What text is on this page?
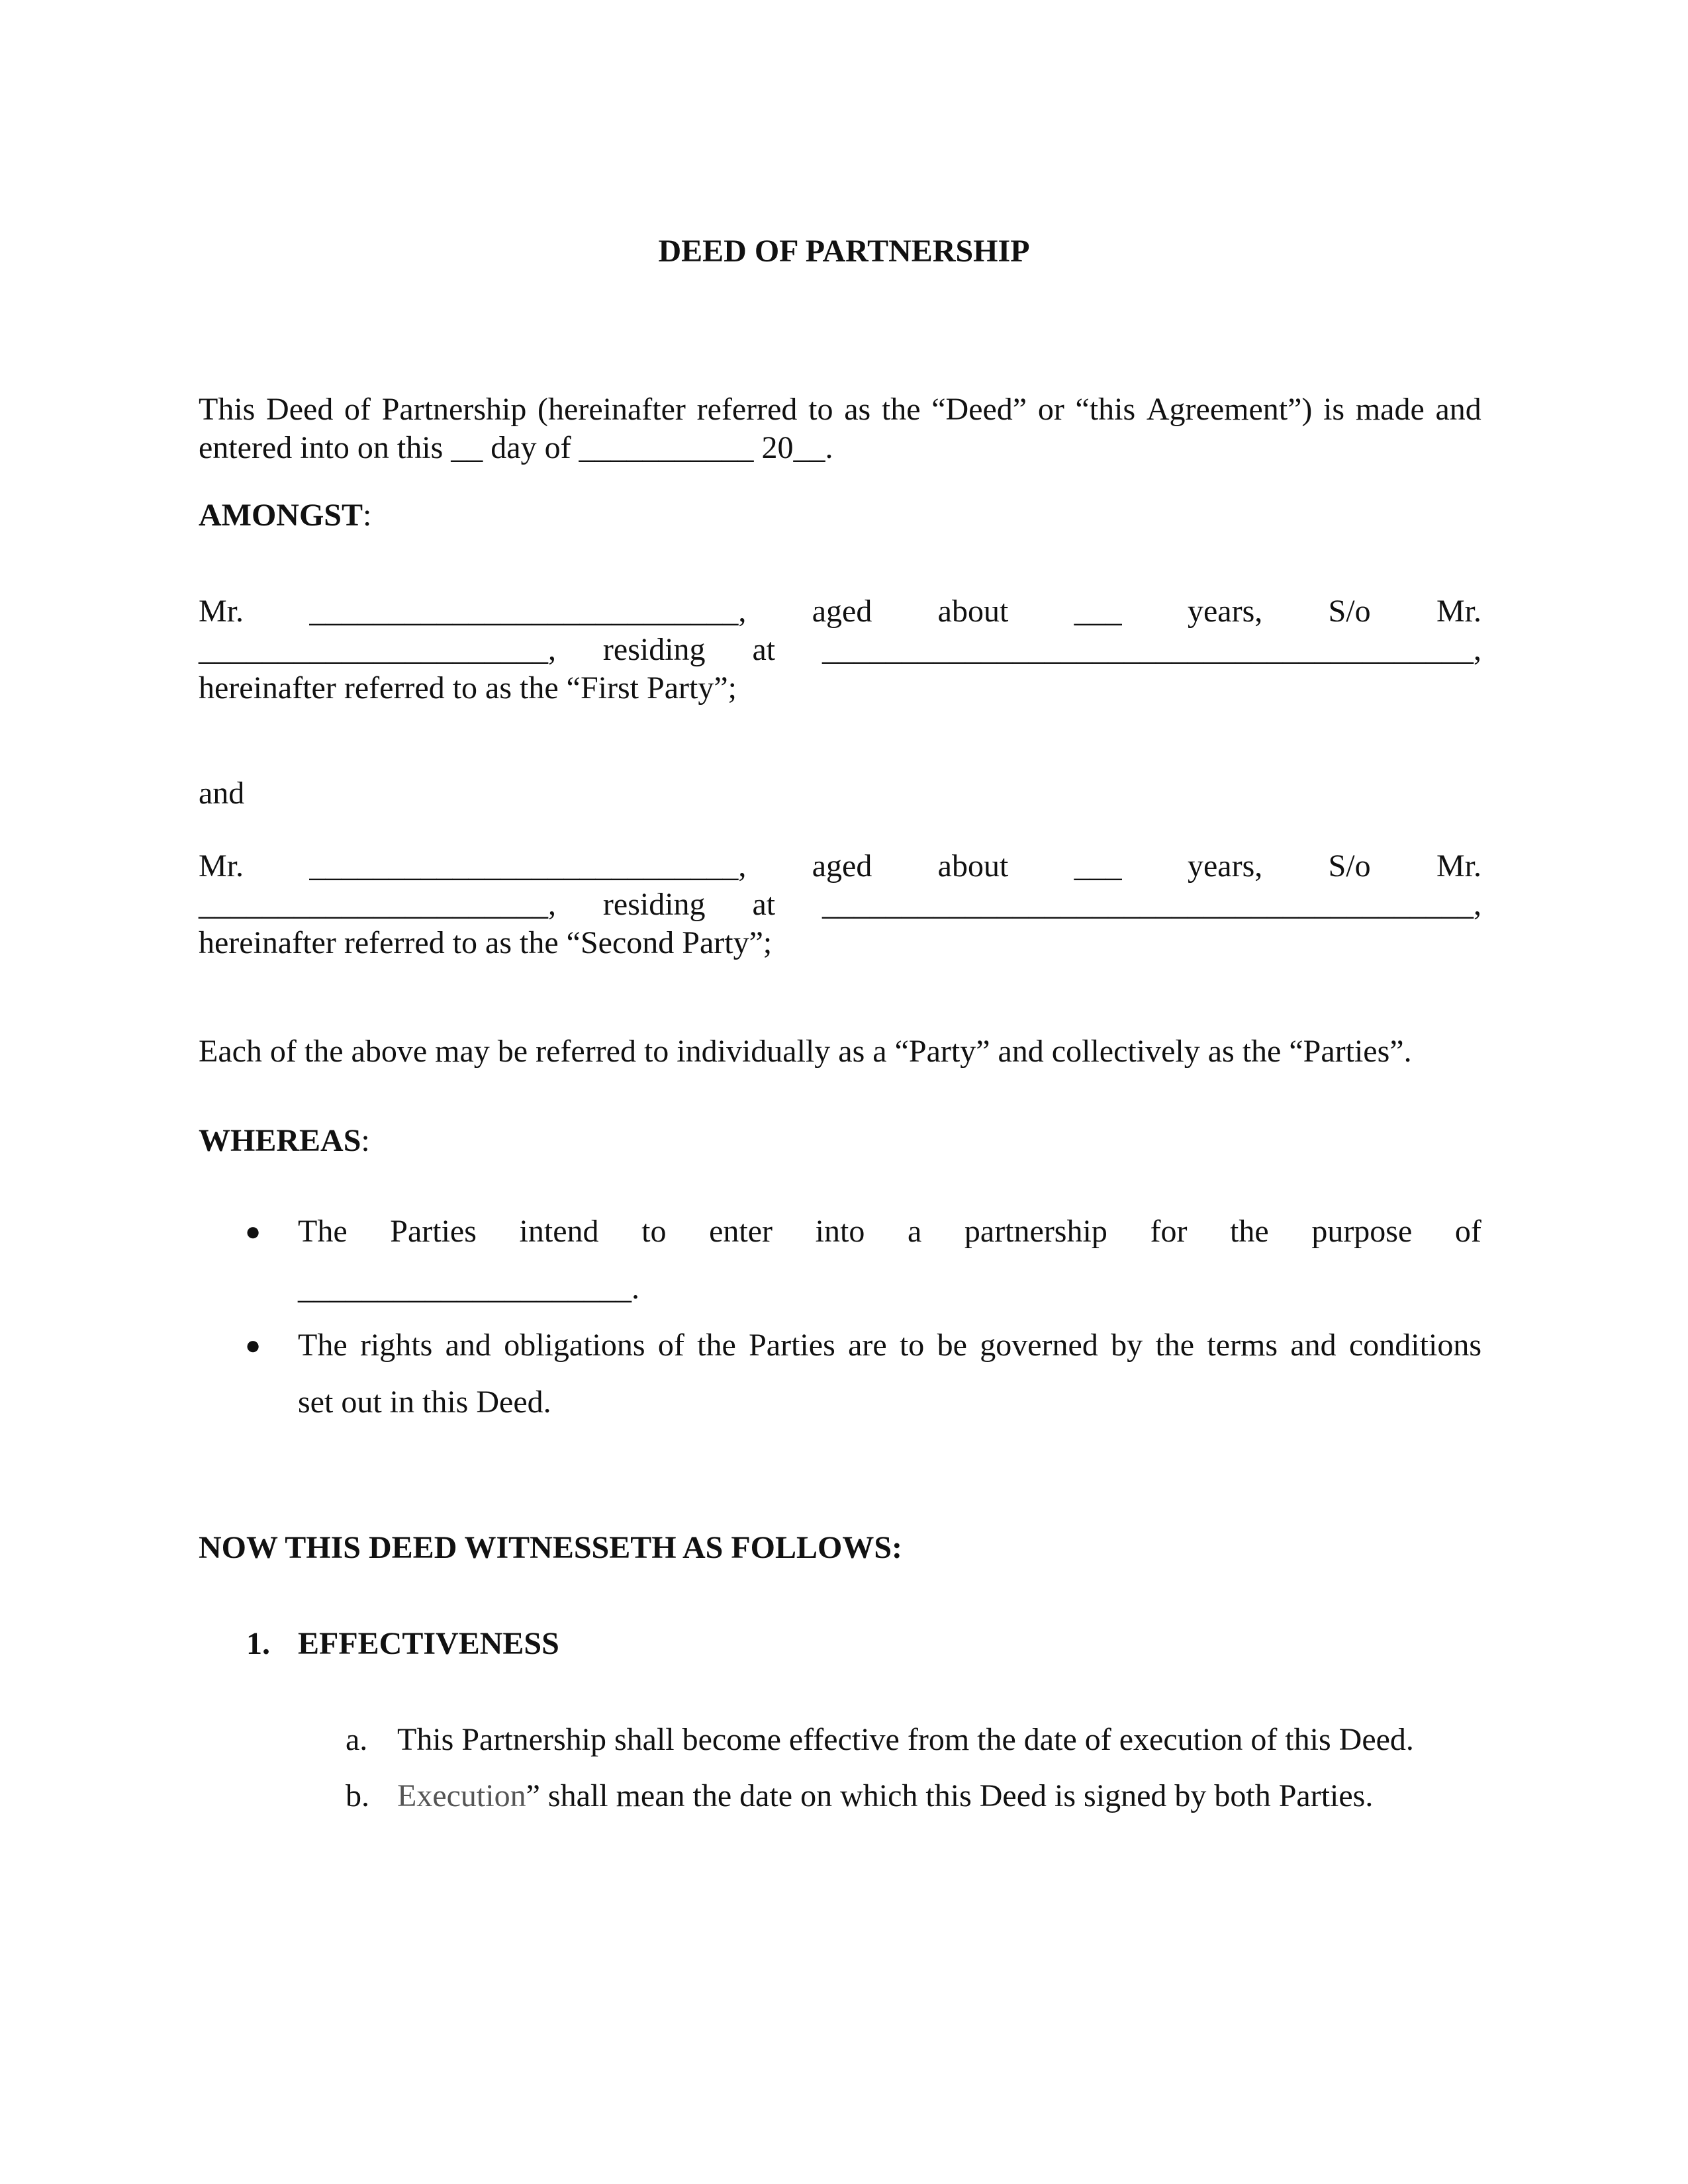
DEED OF PARTNERSHIP
This Deed of Partnership (hereinafter referred to as the “Deed” or “this Agreement”) is made and
entered into on this __ day of ___________ 20__.
AMONGST:
Mr. ___________________________, aged about ___ years, S/o Mr.
______________________, residing at _________________________________________,
hereinafter referred to as the “First Party”;
and
Mr. ___________________________, aged about ___ years, S/o Mr.
______________________, residing at _________________________________________,
hereinafter referred to as the “Second Party”;
Each of the above may be referred to individually as a “Party” and collectively as the “Parties”.
WHEREAS:
● The Parties intend to enter into a partnership for the purpose of
_____________________.
● The rights and obligations of the Parties are to be governed by the terms and conditions
set out in this Deed.
NOW THIS DEED WITNESSETH AS FOLLOWS:
1. EFFECTIVENESS
a. This Partnership shall become effective from the date of execution of this Deed.
b. Execution” shall mean the date on which this Deed is signed by both Parties.
